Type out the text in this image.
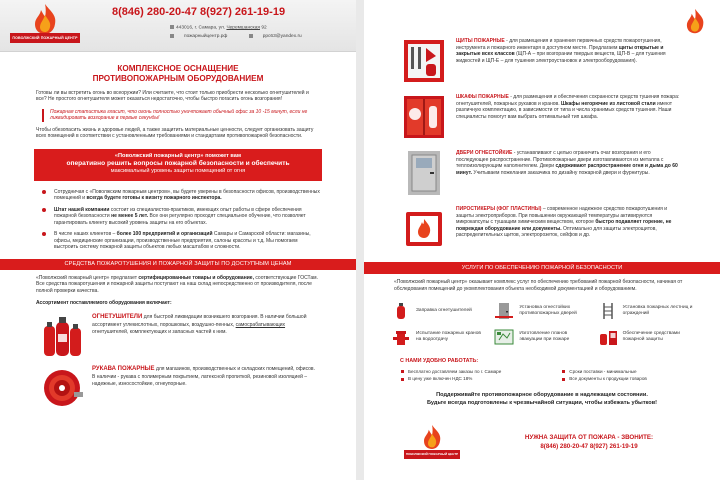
ПОВОЛЖСКИЙ ПОЖАРНЫЙ ЦЕНТР
8(846) 280-20-47 8(927) 261-19-19
443016, г. Самара, ул. Черемшанская 92
пожарныйцентр.рф	ppc63@yandex.ru
КОМПЛЕКСНОЕ ОСНАЩЕНИЕ
ПРОТИВОПОЖАРНЫМ ОБОРУДОВАНИЕМ

Готовы ли вы встретить огонь во всеоружии? Или считаете, что стоит только приобрести несколько огнетушителей и все? Не простого огнетушителя может оказаться недостаточно, чтобы быстро погасить огонь возгорания!

Пожарная статистика гласит, что огонь полностью уничтожает обычный офис за 10 -15 минут, если не ликвидировать возгорание в первые секунды!

Чтобы обезопасить жизнь и здоровье людей, а также защитить материальные ценности, следует организовать защиту всех помещений в соответствии с установленными требованиями и стандартами противопожарной безопасности.

«Поволжский пожарный центр» поможет вам
оперативно решить вопросы пожарной безопасности и обеспечить
максимальный уровень защиты помещений от огня
Сотрудничая с «Поволжским пожарным центром», вы будете уверены в безопасности офисов, производственных помещений и всегда будете готовы к визиту пожарного инспектора.
Штат нашей компании состоит из специалистов-практиков, имеющих опыт работы в сфере обеспечения пожарной безопасности не менее 5 лет. Все они регулярно проходят специальное обучение, что позволяет гарантировать клиенту высокий уровень защиты на его объектах.
В числе наших клиентов – более 100 предприятий и организаций Самары и Самарской области: магазины, офисы, медицинские организации, производственные предприятия, салоны красоты и т.д. Мы помогаем выстроить систему пожарной защиты объектов любых масштабов и сложности.
СРЕДСТВА ПОЖАРОТУШЕНИЯ И ПОЖАРНОЙ ЗАЩИТЫ ПО ДОСТУПНЫМ ЦЕНАМ

«Поволжский пожарный центр» предлагает сертифицированные товары и оборудование, соответствующие ГОСТам. Все средства пожаротушения и пожарной защиты поступают на наш склад непосредственно от производителя, после полной проверки качества.

Ассортимент поставляемого оборудования включает:
ОГНЕТУШИТЕЛИ для быстрой ликвидации возникшего возгорания. В наличии большой ассортимент углекислотных, порошковых, воздушно-пенных, самосрабатывающих огнетушителей, комплектующих и запасных частей к ним.
РУКАВА ПОЖАРНЫЕ для магазинов, производственных и складских помещений, офисов. В наличии - рукава с полимерным покрытием, латексной пропиткой, резиновой изоляцией – надежные, износостойкие, огнеупорные.
ЩИТЫ ПОЖАРНЫЕ - для размещения и хранения первичных средств пожаротушения, инструмента и пожарного инвентаря в доступном месте. Предлагаем щиты открытые и закрытые всех классов (ЩП-А – при возгорании твердых веществ, ЩП-В – для тушения жидкостей и ЩП-Е – для тушения электроустановок и электрооборудования).
ШКАФЫ ПОЖАРНЫЕ - для размещения и обеспечения сохранности средств тушения пожара: огнетушителей, пожарных рукавов и кранов. Шкафы негорючие из листовой стали имеют различную комплектацию, в зависимости от типа и числа хранимых средств тушения. Наши специалисты помогут вам выбрать оптимальный тип шкафа.
ДВЕРИ ОГНЕСТОЙКИЕ - устанавливают с целью ограничить очаг возгорания и его последующее распространение. Противопожарные двери изготавливаются из металла с теплоизолирующим наполнителем. Двери сдерживают распространение огня и дыма до 60 минут. Учитываем пожелания заказчика по дизайну пожарной двери и фурнитуры.
ПИРОСТИКЕРЫ (ФОГ ПЛАСТИНЫ) – современное надежное средство пожаротушения и защиты электроприборов. При повышении окружающей температуры активируются микрокапсулы с тушащим химическим веществом, которое быстро подавляет горение, не повреждая оборудование или документы. Оптимально для защиты электрощитов, распределительных щитов, электророзеток, сейфов и др.
УСЛУГИ ПО ОБЕСПЕЧЕНИЮ ПОЖАРНОЙ БЕЗОПАСНОСТИ

«Поволжский пожарный центр» оказывает комплекс услуг по обеспечению требований пожарной безопасности, начиная от обследования помещений до укомплектования объекта необходимой документацией и оборудованием.

Заправка огнетушителей
Установка огнестойких противопожарных дверей
Установка пожарных лестниц и ограждений
Испытание пожарных кранов на водоотдачу
Изготовление планов эвакуации при пожаре
Обеспечение средствами пожарной защиты
С НАМИ УДОБНО РАБОТАТЬ:
Бесплатно доставляем заказы по г. Самаре	Сроки поставки - минимальные
В цену уже включен НДС 18%	Все документы к продукции товаров
Поддерживайте противопожарное оборудование в надлежащем состоянии.
Будьте всегда подготовлены к чрезвычайной ситуации, чтобы избежать убытков!
ПОВОЛЖСКИЙ ПОЖАРНЫЙ ЦЕНТР
НУЖНА ЗАЩИТА ОТ ПОЖАРА - ЗВОНИТЕ:
8(846) 280-20-47 8(927) 261-19-19
